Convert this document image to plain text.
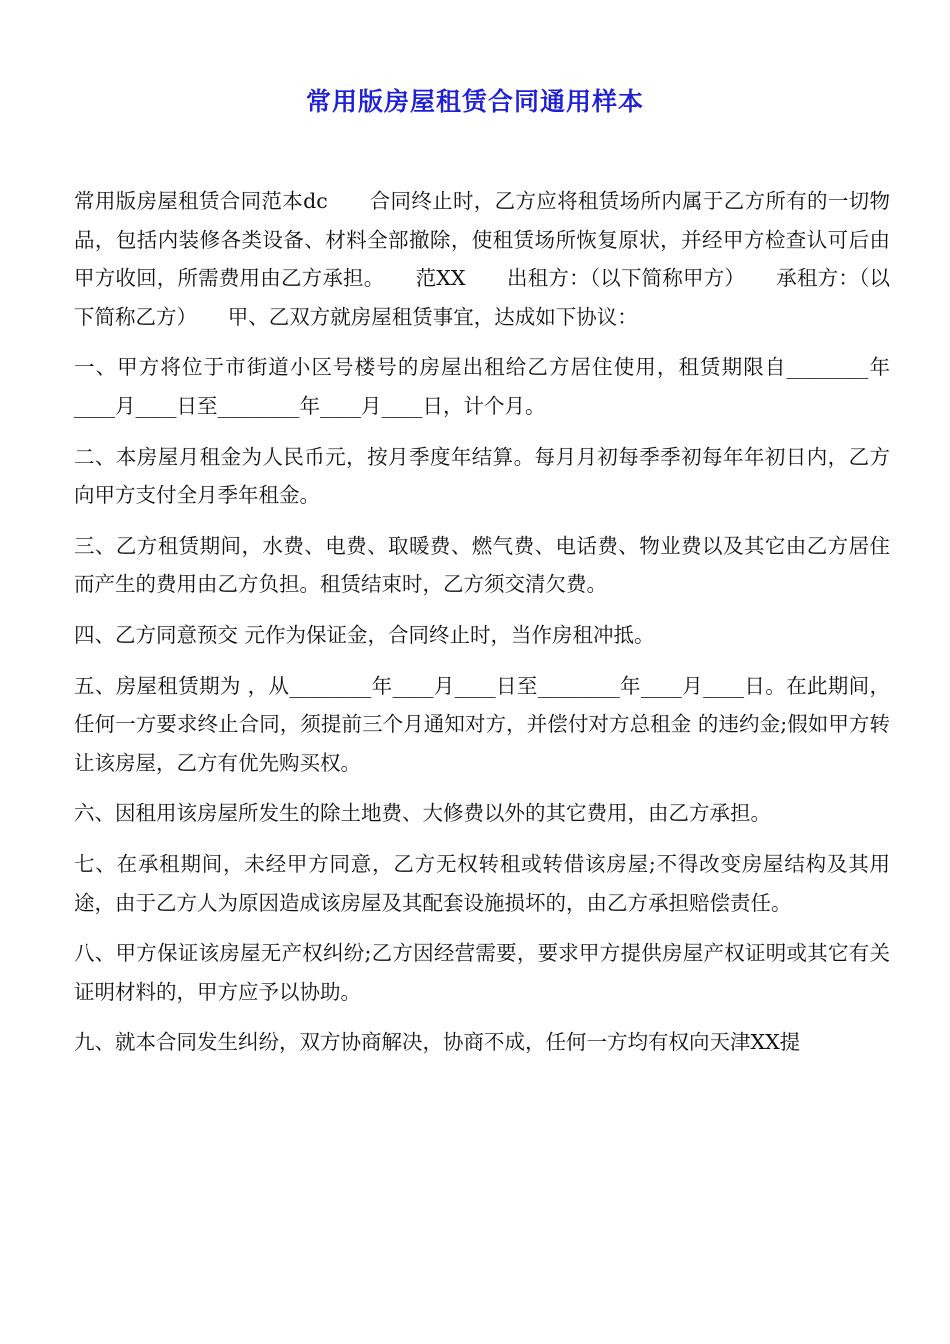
常用版房屋租赁合同通用样本

常用版房屋租赁合同范本dc　　合同终止时，乙方应将租赁场所内属于乙方所有的一切物品，包括内装修各类设备、材料全部撤除，使租赁场所恢复原状，并经甲方检查认可后由甲方收回，所需费用由乙方承担。　　范XX　　出租方：（以下简称甲方）　　承租方：（以下简称乙方）　　甲、乙双方就房屋租赁事宜，达成如下协议：

一、甲方将位于市街道小区号楼号的房屋出租给乙方居住使用，租赁期限自________年____月____日至________年____月____日，计个月。

二、本房屋月租金为人民币元，按月季度年结算。每月月初每季季初每年年初日内，乙方向甲方支付全月季年租金。

三、乙方租赁期间，水费、电费、取暖费、燃气费、电话费、物业费以及其它由乙方居住而产生的费用由乙方负担。租赁结束时，乙方须交清欠费。

四、乙方同意预交 元作为保证金，合同终止时，当作房租冲抵。

五、房屋租赁期为 ，从________年____月____日至________年____月____日。在此期间，任何一方要求终止合同，须提前三个月通知对方，并偿付对方总租金 的违约金;假如甲方转让该房屋，乙方有优先购买权。

六、因租用该房屋所发生的除土地费、大修费以外的其它费用，由乙方承担。

七、在承租期间，未经甲方同意，乙方无权转租或转借该房屋;不得改变房屋结构及其用途，由于乙方人为原因造成该房屋及其配套设施损坏的，由乙方承担赔偿责任。

八、甲方保证该房屋无产权纠纷;乙方因经营需要，要求甲方提供房屋产权证明或其它有关证明材料的，甲方应予以协助。

九、就本合同发生纠纷，双方协商解决，协商不成，任何一方均有权向天津XX提
